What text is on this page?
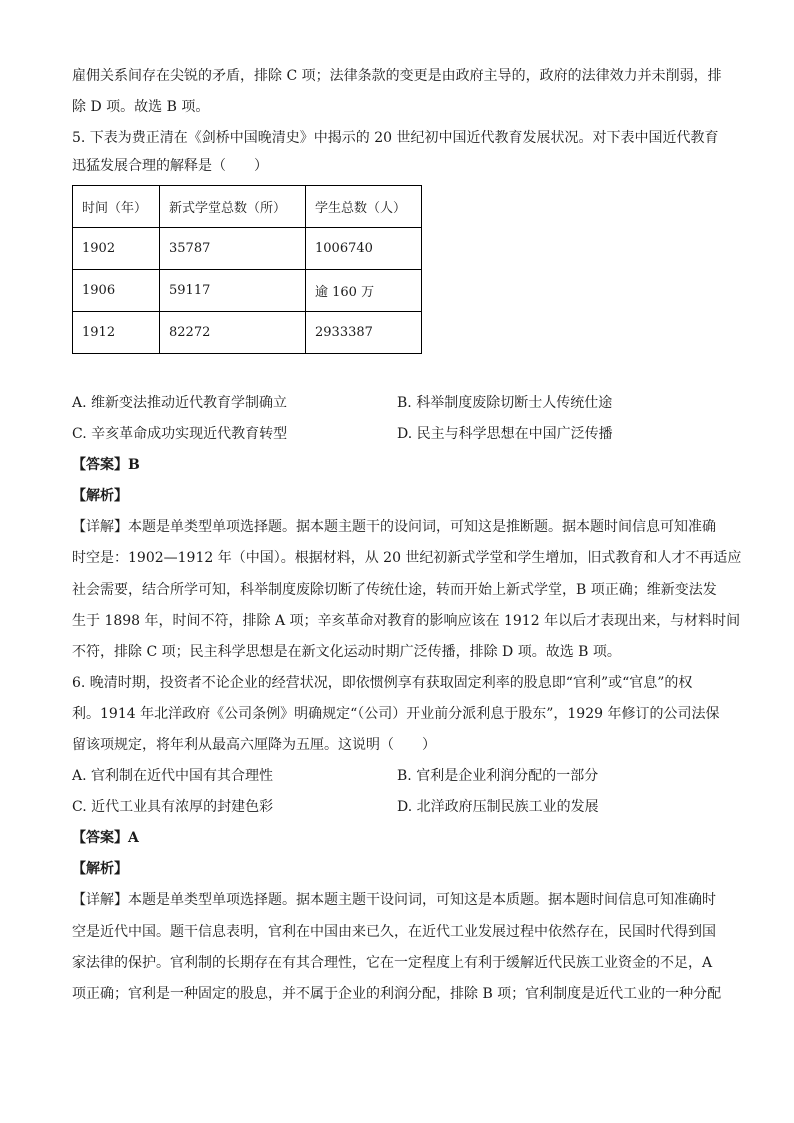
雇佣关系间存在尖锐的矛盾，排除 C 项；法律条款的变更是由政府主导的，政府的法律效力并未削弱，排
除 D 项。故选 B 项。
5. 下表为费正清在《剑桥中国晚清史》中揭示的 20 世纪初中国近代教育发展状况。对下表中国近代教育
迅猛发展合理的解释是（　　）
时间（年）	新式学堂总数（所）	学生总数（人）
1902	35787	1006740
1906	59117	逾 160 万
1912	82272	2933387
A. 维新变法推动近代教育学制确立	B. 科举制度废除切断士人传统仕途
C. 辛亥革命成功实现近代教育转型	D. 民主与科学思想在中国广泛传播
【答案】B
【解析】
【详解】本题是单类型单项选择题。据本题主题干的设问词，可知这是推断题。据本题时间信息可知准确
时空是：1902—1912 年（中国）。根据材料，从 20 世纪初新式学堂和学生增加，旧式教育和人才不再适应
社会需要，结合所学可知，科举制度废除切断了传统仕途，转而开始上新式学堂，B 项正确；维新变法发
生于 1898 年，时间不符，排除 A 项；辛亥革命对教育的影响应该在 1912 年以后才表现出来，与材料时间
不符，排除 C 项；民主科学思想是在新文化运动时期广泛传播，排除 D 项。故选 B 项。
6. 晚清时期，投资者不论企业的经营状况，即依惯例享有获取固定利率的股息即“官利”或“官息”的权
利。1914 年北洋政府《公司条例》明确规定“（公司）开业前分派利息于股东”，1929 年修订的公司法保
留该项规定，将年利从最高六厘降为五厘。这说明（　　）
A. 官利制在近代中国有其合理性	B. 官利是企业利润分配的一部分
C. 近代工业具有浓厚的封建色彩	D. 北洋政府压制民族工业的发展
【答案】A
【解析】
【详解】本题是单类型单项选择题。据本题主题干设问词，可知这是本质题。据本题时间信息可知准确时
空是近代中国。题干信息表明，官利在中国由来已久，在近代工业发展过程中依然存在，民国时代得到国
家法律的保护。官利制的长期存在有其合理性，它在一定程度上有利于缓解近代民族工业资金的不足，A
项正确；官利是一种固定的股息，并不属于企业的利润分配，排除 B 项；官利制度是近代工业的一种分配
